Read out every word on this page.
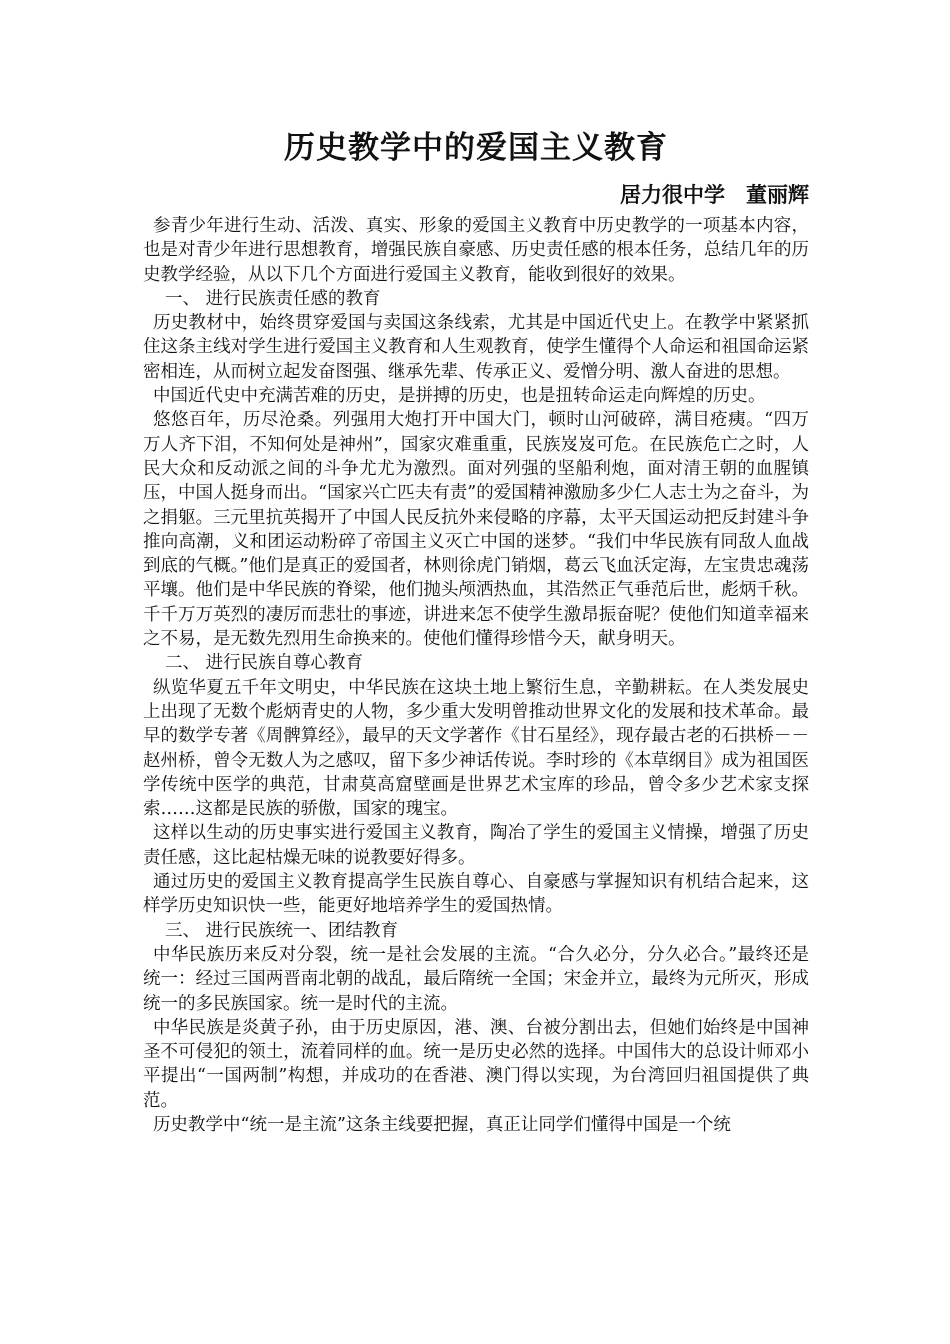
历史教学中的爱国主义教育
居力很中学　董丽辉

参青少年进行生动、活泼、真实、形象的爱国主义教育中历史教学的一项基本内容，也是对青少年进行思想教育，增强民族自豪感、历史责任感的根本任务，总结几年的历史教学经验，从以下几个方面进行爱国主义教育，能收到很好的效果。

一、 进行民族责任感的教育

历史教材中，始终贯穿爱国与卖国这条线索，尤其是中国近代史上。在教学中紧紧抓住这条主线对学生进行爱国主义教育和人生观教育，使学生懂得个人命运和祖国命运紧密相连，从而树立起发奋图强、继承先辈、传承正义、爱憎分明、激人奋进的思想。

中国近代史中充满苦难的历史，是拼搏的历史，也是扭转命运走向辉煌的历史。

悠悠百年，历尽沧桑。列强用大炮打开中国大门，顿时山河破碎，满目疮痍。“四万万人齐下泪，不知何处是神州”，国家灾难重重，民族岌岌可危。在民族危亡之时，人民大众和反动派之间的斗争尤尤为激烈。面对列强的坚船利炮，面对清王朝的血腥镇压，中国人挺身而出。“国家兴亡匹夫有责”的爱国精神激励多少仁人志士为之奋斗，为之捐躯。三元里抗英揭开了中国人民反抗外来侵略的序幕，太平天国运动把反封建斗争推向高潮，义和团运动粉碎了帝国主义灭亡中国的迷梦。“我们中华民族有同敌人血战到底的气概。”他们是真正的爱国者，林则徐虎门销烟，葛云飞血沃定海，左宝贵忠魂荡平壤。他们是中华民族的脊梁，他们抛头颅洒热血，其浩然正气垂范后世，彪炳千秋。千千万万英烈的凄厉而悲壮的事迹，讲进来怎不使学生激昂振奋呢？使他们知道幸福来之不易，是无数先烈用生命换来的。使他们懂得珍惜今天，献身明天。

二、 进行民族自尊心教育

纵览华夏五千年文明史，中华民族在这块土地上繁衍生息，辛勤耕耘。在人类发展史上出现了无数个彪炳青史的人物，多少重大发明曾推动世界文化的发展和技术革命。最早的数学专著《周髀算经》，最早的天文学著作《甘石星经》，现存最古老的石拱桥－－赵州桥，曾令无数人为之感叹，留下多少神话传说。李时珍的《本草纲目》成为祖国医学传统中医学的典范，甘肃莫高窟壁画是世界艺术宝库的珍品，曾令多少艺术家支探索……这都是民族的骄傲，国家的瑰宝。

这样以生动的历史事实进行爱国主义教育，陶冶了学生的爱国主义情操，增强了历史责任感，这比起枯燥无味的说教要好得多。

通过历史的爱国主义教育提高学生民族自尊心、自豪感与掌握知识有机结合起来，这样学历史知识快一些，能更好地培养学生的爱国热情。

三、 进行民族统一、团结教育

中华民族历来反对分裂，统一是社会发展的主流。“合久必分，分久必合。”最终还是统一：经过三国两晋南北朝的战乱，最后隋统一全国；宋金并立，最终为元所灭，形成统一的多民族国家。统一是时代的主流。

中华民族是炎黄子孙，由于历史原因，港、澳、台被分割出去，但她们始终是中国神圣不可侵犯的领土，流着同样的血。统一是历史必然的选择。中国伟大的总设计师邓小平提出“一国两制”构想，并成功的在香港、澳门得以实现，为台湾回归祖国提供了典范。

历史教学中“统一是主流”这条主线要把握，真正让同学们懂得中国是一个统
